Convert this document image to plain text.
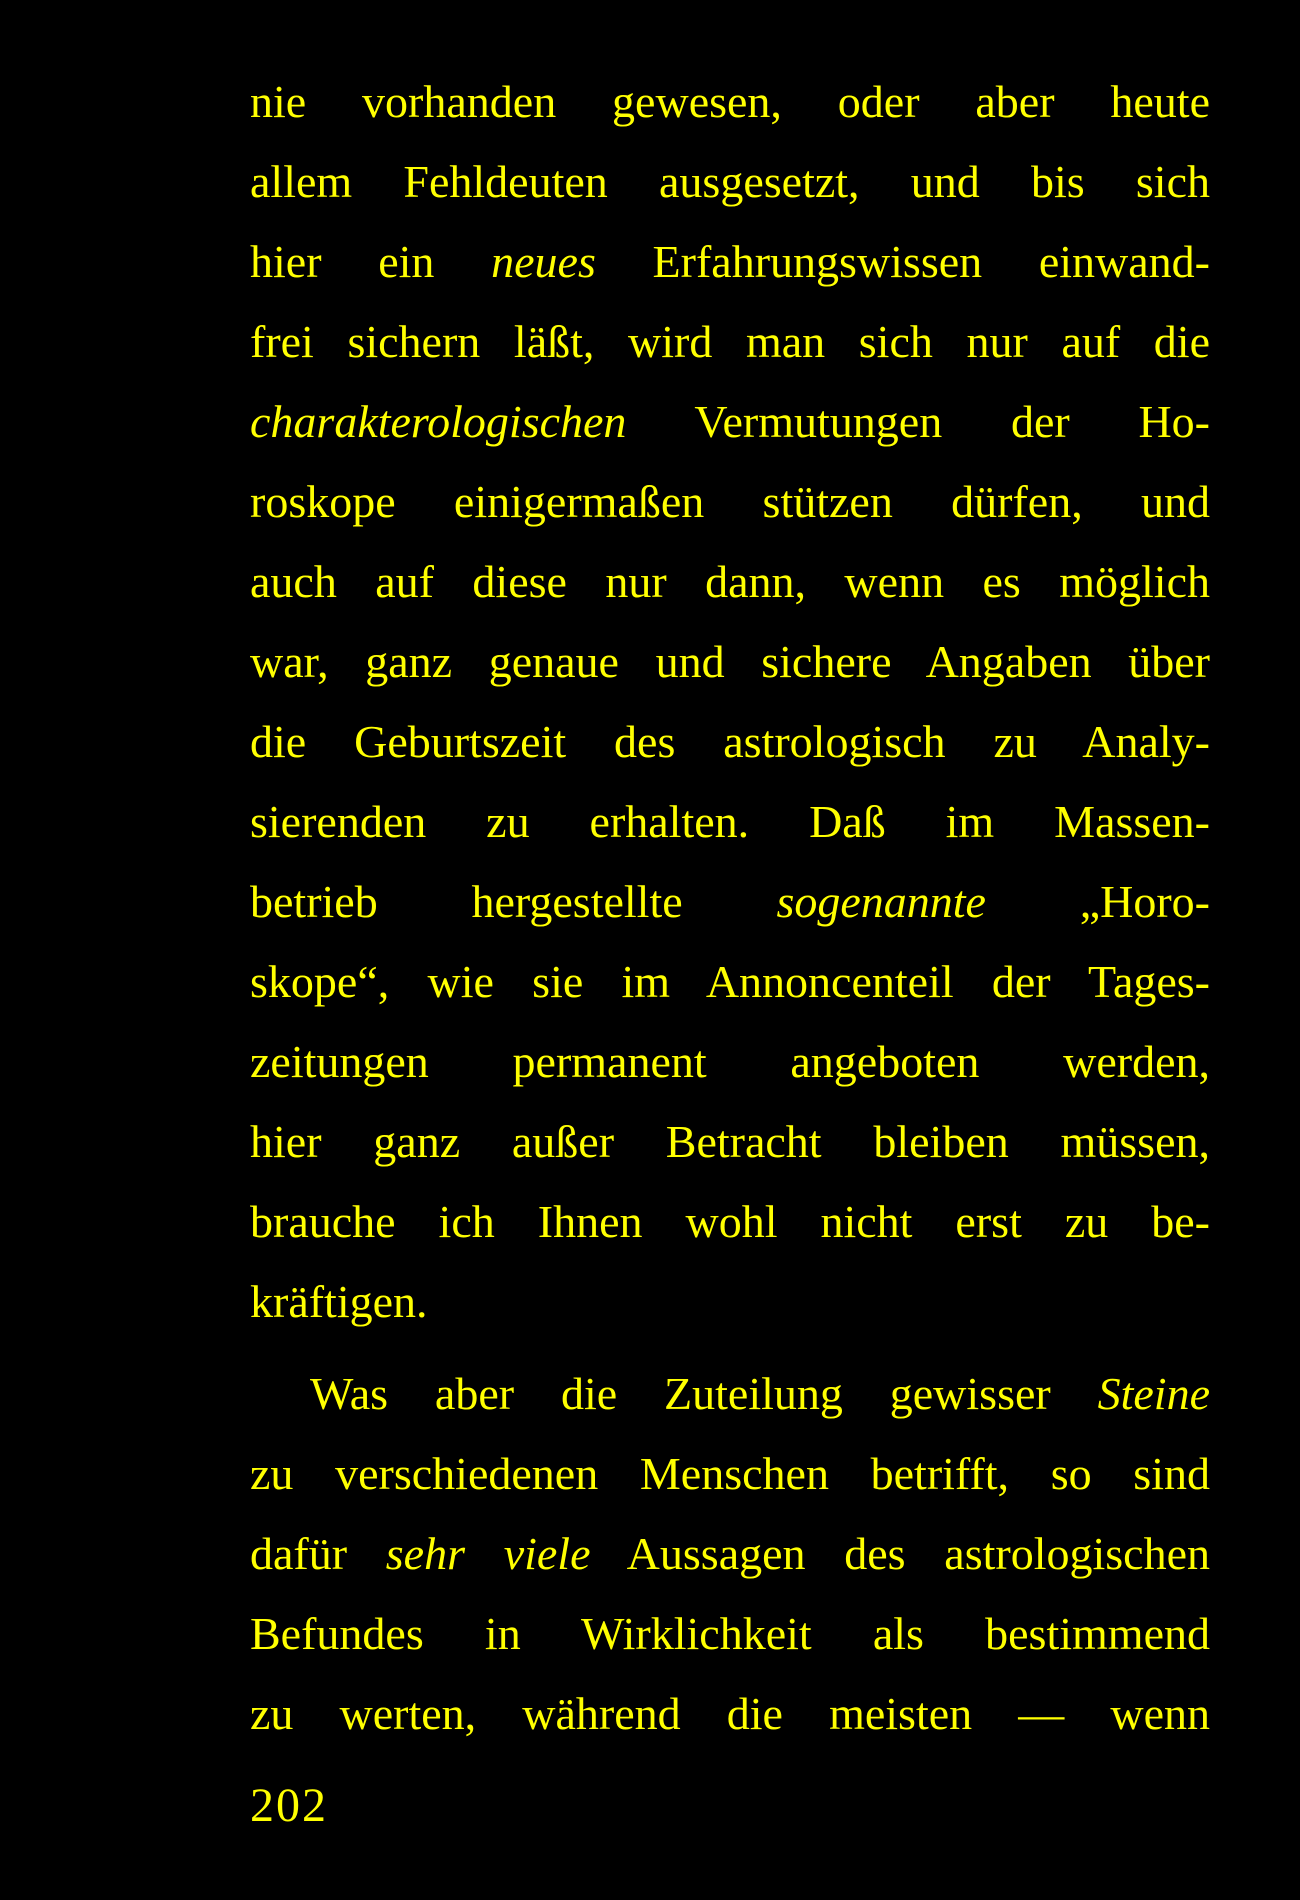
nie vorhanden gewesen, oder aber heute
allem Fehldeuten ausgesetzt, und bis sich
hier ein neues Erfahrungswissen einwand-
frei sichern läßt, wird man sich nur auf die
charakterologischen Vermutungen der Ho-
roskope einigermaßen stützen dürfen, und
auch auf diese nur dann, wenn es möglich
war, ganz genaue und sichere Angaben über
die Geburtszeit des astrologisch zu Analy-
sierenden zu erhalten. Daß im Massen-
betrieb hergestellte sogenannte „Horo-
skope“, wie sie im Annoncenteil der Tages-
zeitungen permanent angeboten werden,
hier ganz außer Betracht bleiben müssen,
brauche ich Ihnen wohl nicht erst zu be-
kräftigen.
Was aber die Zuteilung gewisser Steine
zu verschiedenen Menschen betrifft, so sind
dafür sehr viele Aussagen des astrologischen
Befundes in Wirklichkeit als bestimmend
zu werten, während die meisten — wenn
202
